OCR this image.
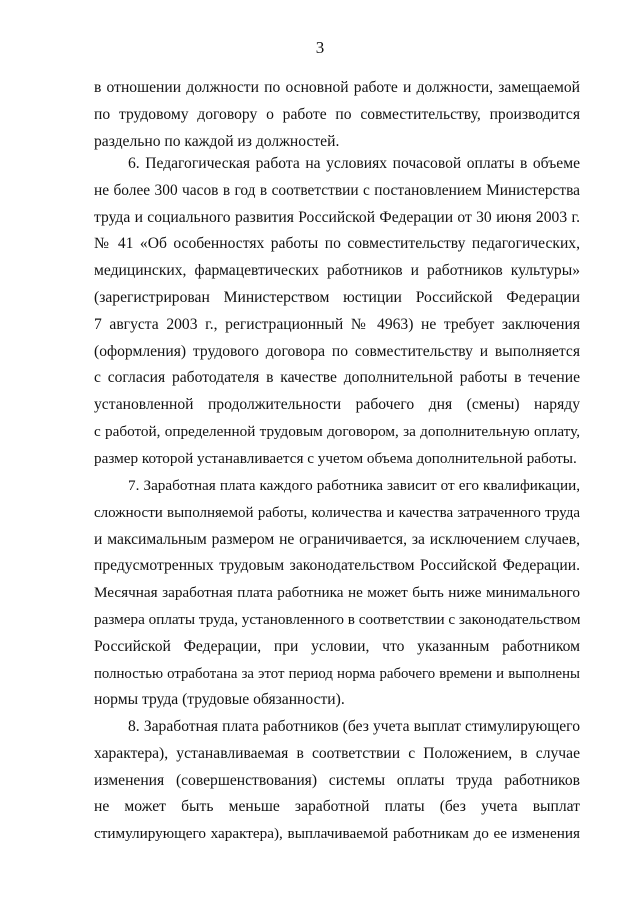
3
в отношении должности по основной работе и должности, замещаемой
по трудовому договору о работе по совместительству, производится
раздельно по каждой из должностей.
6. Педагогическая работа на условиях почасовой оплаты в объеме
не более 300 часов в год в соответствии с постановлением Министерства
труда и социального развития Российской Федерации от 30 июня 2003 г.
№ 41 «Об особенностях работы по совместительству педагогических,
медицинских, фармацевтических работников и работников культуры»
(зарегистрирован Министерством юстиции Российской Федерации
7 августа 2003 г., регистрационный № 4963) не требует заключения
(оформления) трудового договора по совместительству и выполняется
с согласия работодателя в качестве дополнительной работы в течение
установленной продолжительности рабочего дня (смены) наряду
с работой, определенной трудовым договором, за дополнительную оплату,
размер которой устанавливается с учетом объема дополнительной работы.
7. Заработная плата каждого работника зависит от его квалификации,
сложности выполняемой работы, количества и качества затраченного труда
и максимальным размером не ограничивается, за исключением случаев,
предусмотренных трудовым законодательством Российской Федерации.
Месячная заработная плата работника не может быть ниже минимального
размера оплаты труда, установленного в соответствии с законодательством
Российской Федерации, при условии, что указанным работником
полностью отработана за этот период норма рабочего времени и выполнены
нормы труда (трудовые обязанности).
8. Заработная плата работников (без учета выплат стимулирующего
характера), устанавливаемая в соответствии с Положением, в случае
изменения (совершенствования) системы оплаты труда работников
не может быть меньше заработной платы (без учета выплат
стимулирующего характера), выплачиваемой работникам до ее изменения
